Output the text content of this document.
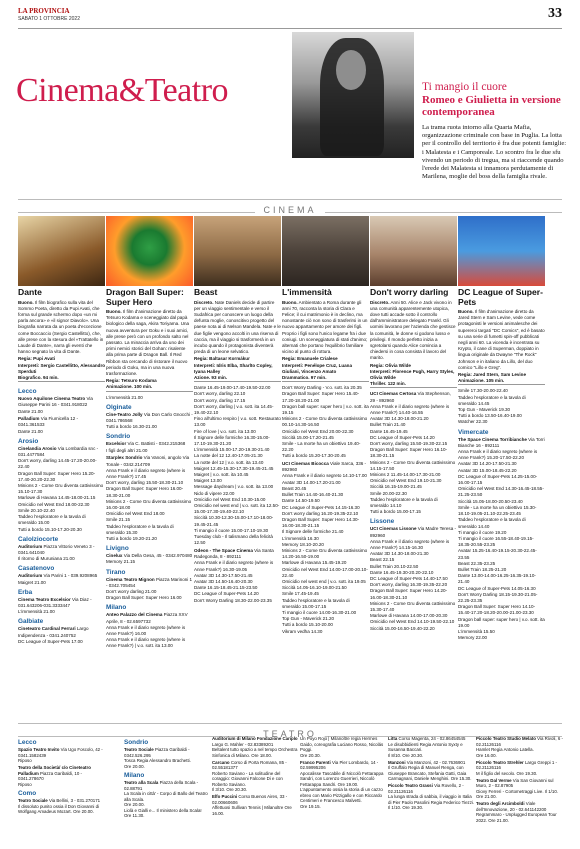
LA PROVINCIA
SABATO 1 OTTOBRE 2022	33
Cinema&Teatro	Ti mangio il cuore
Romeo e Giulietta in versione contemporanea
La trama ruota intorno alla Quarta Mafia, organizzazione criminale con base in Puglia. La lotta per il controllo del territorio è fra due potenti famiglie: i Malatesta e i Camporeale. Lo scontro fra le due sfu vivendo un periodo di tregua, ma si riaccende quando l'erede dei Malatesta si innamora perdutamente di Marilena, moglie del boss della famiglia rivale.
CINEMA
Dante
Buono. Il film biografico sulla vita del Sommo Poeta, diretto da Pupi Avati, che forma sul grande schermo dopo «un mi parla ancora» e «il signor Diavolo». Una biografia narrata da un poeta d'eccezione come Boccaccio (Sergio Castellitto), che, alle prese con la stesura del «Trattatello in Laude di Dante», narra gli eventi che hanno segnato la vita di Dante.
Regia: Pupi Avati
Interpreti: Sergio Castellitto, Alessandro Sperduti
Biografico. 94 min.
Lecco
Nuovo Aquilone Cinema Teatro Via Giuseppe Parini 16 - 0341.918022
Dante 21.00
Palladium Via Fiumicella 12 - 0341.361533
Dante 21.00
Arosio
Cinelandia Arosio Via Lombardia snc - 031.4477584
Don't worry, darling 14.45-17.20-20.00-22.40
Dragon Ball Super: Super Hero 15.20-17.40-20.20-22.30
Minions 2 - Come Gru diventa cattivissimo 15.10-17.30
Marlowe di Havana 14.45-18.00-21.15
Omicidio nel West End 18.00-22.30
Smile 20.10-22.40
Taddeo l'esploratore e la tavola di smeraldo 15.00
Tutti a bordo 15.10-17.20-20.30
Calolziocorte
Auditorium Piazza Vittorio Veneto 3 - 0341.641040
Il ritorno di Muruniana 21.00
Casatenovo
Auditorium Via Parini 1 - 039.9208965
Maigret 21.00
Erba
Cinema Teatro Excelsior Via Diaz - 031.643206-031.3333447
L'immensità 21.00
Galbiate
Cineteatro Cardinal Ferrari Largo Indipendenza - 0341.240752
DC League of Super-Pets 17.00
Dragon Ball Super: Super Hero
Buono. Il film d'animazione diretto da Tetsuro Kodama e sceneggiato dal papà biologico della saga, Akira Toriyama. Una nuova avventura per Goku e i suoi amici, alle prese però con un profondo salto nel passato. La minaccia arriva da uno dei primi nemici storici del Gohan: risalente alla prima parte di Dragon Ball. Il Red Ribbon sta cercando di ristorare il nuovo periodo di Goku, ma in una nuova trasformazione.
Regia: Tetsuro Kodama
Animazione. 100 min.
L'immensità 21.00
Olginate
Cine-Teatro Jolly Via Don Carlo Gnocchi - 0341.786568
Tutti a bordo 16.30-21.00
Sondrio
Excelsior Via C. Battisti - 0342.215368
I figli degli altri 21.00
Starplex Sondrio Via Vanoni, angolo Via Tonale - 0342.214709
Anna Frank e il diario segreto (where is Anne Frank?) 17.45
Don't worry, darling 15.50-18.30-21.10
Dragon Ball Super: Super Hero 16.00-18.30-21.00
Minions 2 - Come Gru diventa cattivissimo 16.00-18.00
Omicidio nel West End 18.00
Smile 21.15
Taddeo l'esploratore e la tavola di smeraldo 15.30
Tutti a bordo 19.20-21.20
Livigno
Cinelux Via Della Gesa, 45 - 0342.970480
Memory 21.15
Tirano
Cinema Teatro Mignon Piazza Marinoni 1 - 0342.705454
Don't worry darling 21.00
Dragon Ball Super: Super Hero 16.00
Milano
Anteo Palazzo del Cinema Piazza XXV Aprile, 8 - 02.6597732
Anna Frank e il diario segreto (where is Anne Frank?) 16.00
Anna Frank e il diario segreto (where is Anne Frank?) | v.o. sott. ita 13.00
Beast
Discreto. Nate Daniels decide di partire per un viaggio sentimentale e verso il Sudafrica per conoscere un luogo della defunta moglie, conoscitivo progetto del paese nota ai di Nelson Mandela. Nate e le due figlie vengono accolti in una riserva di caccia, ma il viaggio si trasformerà in un incubo quando il protagonista diventerà preda di un leone selvatico.
Regia: Baltasar Kormákur
Interpreti: Idris Elba, Sharlto Copley, Iyana Halley
Azione. 93 min.
Dante 16.45-19.00-17.40-19.50-22.00
Don't worry, darling 22.10
Don't worry, darling 17.15
Don't worry, darling | v.o. sott. ita 14.45-19.40-22.10
Fino all'ultimo respiro | v.o. sott. Restaurato 13.00
Fire of love | v.o. sott. ita 13.00
Il Signore delle formiche 16.30-15.00-17.10-19.30-21.20
L'immensità 15.00-17.20-19.30-21.40
La notte del 12 12.40-17.05-21.30
La notte del 12 | v.o. sott. ita 13.40
Maigret 12.45-15.30-17.30-19.45-21.45
Maigret | v.o. sott. ita 10.45
Maigret 13.00
Message daydream | v.o. sott. ita 13.00
Nido di vipere 22.00
Omicidio nel West End 10.30-15.00
Omicidio nel west end | v.o. sott. ita 12.50-15.00-17.30-19.40-22.10
Siccità 10.30-12.30-15.00-17.10-18.00-19.45-21.45
Ti mangio il cuore 15.00-17.10-19.30
Tuesday club - Il talismano della felicità 12.50
Odeon - The Space Cinema Via Santa Radegonda, 8 - 892111
Anna Frank e il diario segreto (where is Anne Frank?) 16.30-19.05
Avatar 3D 14.30-17.50-21.45
Avatar 3D 14.50-16.40-20.30
Dante 16.15-18.45-21.15-23.50
DC League of Super-Pets 14.20
Don't Worry Darling 18.30-22.00-23.35
L'immensità
Buono. Ambientato a Roma durante gli anni 70, racconta la storia di Clara e Felice; il cui matrimonio è in declino, ma nonostante ciò non sono di trasferirsi in un nuovo appartamento per amore dei figli. Proprio i figli sono l'unico legame fra i due coniugi. Un sceneggiatura di stati d'animo; alternati che portano l'equilibrio familiare vicino al punto di rottura.
Regia: Emanuele Crialese
Interpreti: Penélope Cruz, Luana Giuliani, Vincenzo Amato
Drammatico. 97 min.
Don't Worry Darling - V.o. sott. ita 20.35
Dragon Ball Super: Super Hero 15.40-17.20-18.20-21.00
Dragon ball super: super hero | v.o. sott. ita 19.15
Minions 2 - Come Gru diventa cattivissimo 00.10-14.30-16.50
Omicidio nel West End 20.00-22.30
Siccità 15.00-17.20-21.45
Smile - La morte ha un obiettivo 19.40-22.20
Tutti a bordo 15.20-17.30-20.45
UCI Cinemas Bicocca Viale Sarca, 336 - 892960
Anna Frank e il diario segreto 14.10-17.00
Avatar 3D 14.00-17.20-21.00
Beast 20.45
Bullet Train 14.40-16.40-21.30
Dante 14.50-19.50
DC League of Super-Pets 14.15-16.30
Don't worry darling 16.20-19.35-22.10
Dragon Ball Super: Super Hero 14.30-16.00-18.30-21.15
Il Signore delle formiche 21.40
L'immensità 16.30
Memory 18.10-20.20
Minions 2 - Come Gru diventa cattivissimo 14.20-16.50-19.00
Marlowe di Havana 15.45-19.20
Omicidio nel West End 14.00-17.00-20.10-22.40
Omicidio nel west end | v.o. sott. ita 19.05
Siccità 14.05-16.10-19.00-21.50
Smile 17.45-19.45
Taddeo l'esploratore e la tavola di smeraldo 15.00-17.15
Ti mangio il cuore 14.00-16.30-21.00
Top Gun - Maverick 21.20
Tutti a bordo 15.10-20.00
Vikram vedha 14.30
Don't worry darling
Discreto. Anni 50. Alice e Jack vivono in una comunità apparentemente utopica, dove tutti accade sotto il controllo dall'amministratore delegato Frankl. Gli uomini lavorano per l'azienda che gestisce la comunità, le donne si godono lusso e privilegi. Il mondo perfetto inizia a sgretolarsi quando Alice comincia a chiedersi in cosa consista il lavoro del marito.
Regia: Olivia Wilde
Interpreti: Florence Pugh, Harry Styles, Olivia Wilde
Thriller. 122 min.
UCI Cinemas Certosa Via Stephenson, 29 - 892960
Anna Frank e il diario segreto (where is Anne Frank?) 14.40-16.55
Avatar 3D 14.30-18.00-21.20
Bullet Train 21.40
Dante 16.45-19.45
DC League of Super-Pets 14.20
Don't worry, darling 15.50-19.30-22.15
Dragon Ball Super: Super Hero 16.10-18.30-21.15
Minions 2 - Come Gru diventa cattivissimo 14.15-17.50
Minions 2 11.45-14.00-17.30-21.00
Omicidio nel West End 19.10-21.30
Siccità 16.15-19.00-21.45
Smile 20.00-22.30
Taddeo l'esploratore e la tavola di smeraldo 14.10
Tutti a bordo 15.00-17.15
Lissone
UCI Cinemas Lissone Via Madre Teresa - 892960
Anna Frank e il diario segreto (where is Anne Frank?) 14.15-16.30
Avatar 3D 14.30-18.00-21.30
Beast 22.15
Bullet Train 20.10-22.50
Dante 16.45-19.30-20.20-22.10
DC League of Super-Pets 14.40-17.50
Don't worry, darling 16.30-19.35-22.20
Dragon Ball Super: Super Hero 14.20-16.00-18.30-21.10
Minions 2 - Come Gru diventa cattivissimo 15.30-17.40
Marlowe di Havana 14.00-17.00-20.30
Omicidio nel West End 14.10-19.50-22.10
Siccità 15.00-16.50-19.40-22.20
DC League of Super-Pets
Buono. Il film d'animazione diretto da Jared Stern e Sam Levine, vede come protagonisti le versioni animalesche dei supereroi targati "DC Comics", ed è basato su una serie di fumetti spin-off pubblicati negli anni 60. La vicenda è incentrata su Krypto, il cane di Superman, doppiato in lingua originale da Dwayne "The Rock" Johnson e in italiano da Lillo, del duo comico "Lillo e Greg".
Regia: Jared Stern, Sam Levine
Animazione. 105 min.
Smile 17.30-20.00-22.40
Taddeo l'esploratore e la tavola di smeraldo 14.45
Top Gun - Maverick 19.30
Tutti a bordo 13.50-16.40-19.00
Watcher 22.30
Vimercate
The Space Cinema Torribianche Via Torri Bianche 16 - 892111
Anna Frank e il diario segreto (where is Anne Frank?) 15.20-17.50-22.20
Avatar 3D 14.20-17.50-21.30
Avatar 3D 15.00-18.45-22.20
DC League of Super-Pets 14.25-15.00-16.00-17.15
Omicidio nel West End 14.30-16.45-18.55-21.25-23.50
Siccità 15.05-18.00-20.50-23.40
Smile - La morte ha un obiettivo 15.30-18.10-19.05-21.10-22.25-23.45
Taddeo l'esploratore e la tavola di smeraldo 14.40
Ti mangio il cuore 19.20
Ti mangio il cuore 16.55-18.40-19.15-18.35-20.55-23.25
Avatar 15.25-16.40-19.15-20.30-22.45-23.55
Beast 22.35-23.25
Bullet Train 18.25-21.20
Dante 13.00-14.00-16.25-16.35-19.10-21.40
DC League of Super-Pets 14.05-16.30
Don't Worry Darling 18.15-19.30-21.05-22.25-23.35
Dragon Ball Super: Super Hero 14.10-15.40-17.20-18.20-20.00-21.00-23.30
Dragon ball super: super hero | v.o. sott. ita 19.00
L'immensità 15.50
Memory 22.00
TEATRO
Lecco
Spazio Teatro Invito Via Ugo Foscolo, 42 - 0341.1582439
Riposo
Teatro della Società/ c/o Cineteatro Palladium Piazza Garibaldi, 10 - 0341.278670
Riposo
Como
Teatro Sociale Via Bellini, 3 - 031.270171
Il dissoluto punito ossia il Don Giovanni di Wolfgang Amadeus Mozart. Ore 20.00.
Sondrio
Teatro Sociale Piazza Garibaldi - 0342.526.295
Tosca Regia Alessandro Brachetti.
Ore 20.00.
Milano
Teatro alla Scala Piazza della Scala - 02.88791
La Scala in città' - Corpo di Ballo del Teatro alla Scala.
Ore 20.00.
Liolà e Gialli e... Il ministero della Scala!
Ore 11.30.
Auditorium di Milano Fondazione Cariplo Largo G. Mahler - 02.83389201
Beltalent tutto spazio a nel tempo Orchestra Sinfonica di Milano. Ore 18.00.
Carcano Corso di Porta Romana, 85 - 02.55181377
Roberto Saviano - La solitudine del coraggio: Giovanni Falcone Di e con Roberto Saviano.
Il 3/10. Ore 20.30.
Elfo Puccini Corso Buenos Aires, 33 - 02.00660606
Affettuosi Sullivan Tennis | Milanoltre Ore 16.00.
Un Poyo Rojo | Milanoltre regia Hermes Gaido, coreografia Luciano Rosso, Nicolás Poggi.
Ore 20.30.
Franco Parenti Via Pier Lombardo, 14 - 02.59995206
Apocalisse Tascabile di Niccolò Fettarappa Sandri, con Lorenzo Guerrieri, Niccolò Fettarappa Sandri. Ore 19.00.
L'appuntamento ossia la storia di un cazzo ebreo con Mario Pizzigallo e con Riccardo Centimeri e Francesco Malvetti.
Ore 19.15.
Litta Corso Magenta, 24 - 02.86454545
Le disubbidienti Regia Antonio Syxty e Susanna Baccari.
Il 8/10. Ore 20.30.
Manzoni Via Manzoni, 42 - 02.7636901
Il Gruffalo Regia di Manuel Renga, con Giuseppe Brancato, Stefania Gatti, Gaia Carmagnani, Daniele Menghini. Ore 15.30.
Piccolo Teatro Grassi Via Rovello, 2 - 02.21126116
La lunga strada di sabbia, il viaggio in Italia di Pier Paolo Pasolini Regia Federico Tiezzi.
Il 1/10. Ore 19.30.
Piccolo Teatro Studio Melato Via Rivoli, 6 - 02.21126116
Hamlet Regia Antonio Latella.
Ore 16.00.
Piccolo Teatro Strehler Largo Greppi 1 - 02.21126116
M il figlio del secolo. Ore 19.30.
Teatro Dal Verme Via San Giovanni sul Muro, 2 - 02.87905
Giovy Ferreri - Cortometraggi Live. Il 1/10. Ore 21.00.
Teatro degli Arcimboldi Viale dell'Innovazione, 20 - 02.641142200
Regrammaro - Unplugged European Tour 2022. Ore 21.00.
